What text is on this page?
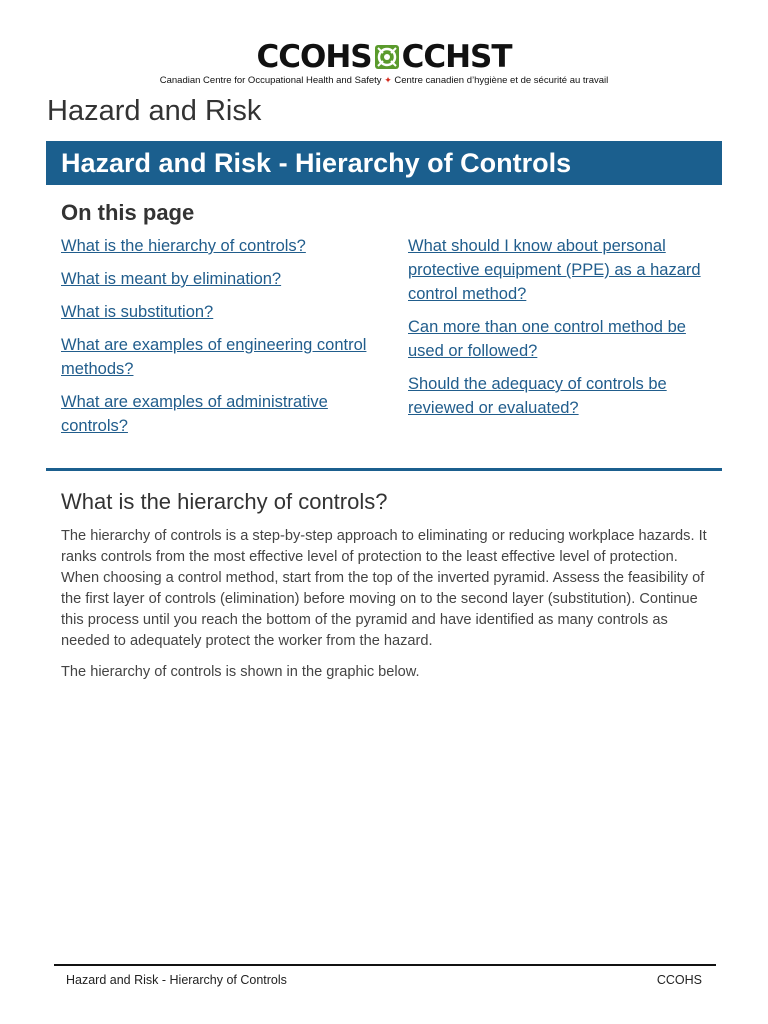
CCOHS CCHST
Canadian Centre for Occupational Health and Safety ✦ Centre canadien d’hygiène et de sécurité au travail
Hazard and Risk
Hazard and Risk - Hierarchy of Controls
On this page
What is the hierarchy of controls?
What is meant by elimination?
What is substitution?
What are examples of engineering control methods?
What are examples of administrative controls?
What should I know about personal protective equipment (PPE) as a hazard control method?
Can more than one control method be used or followed?
Should the adequacy of controls be reviewed or evaluated?
What is the hierarchy of controls?

The hierarchy of controls is a step-by-step approach to eliminating or reducing workplace hazards. It ranks controls from the most effective level of protection to the least effective level of protection. When choosing a control method, start from the top of the inverted pyramid. Assess the feasibility of the first layer of controls (elimination) before moving on to the second layer (substitution). Continue this process until you reach the bottom of the pyramid and have identified as many controls as needed to adequately protect the worker from the hazard.

The hierarchy of controls is shown in the graphic below.

Hazard and Risk - Hierarchy of Controls	CCOHS
